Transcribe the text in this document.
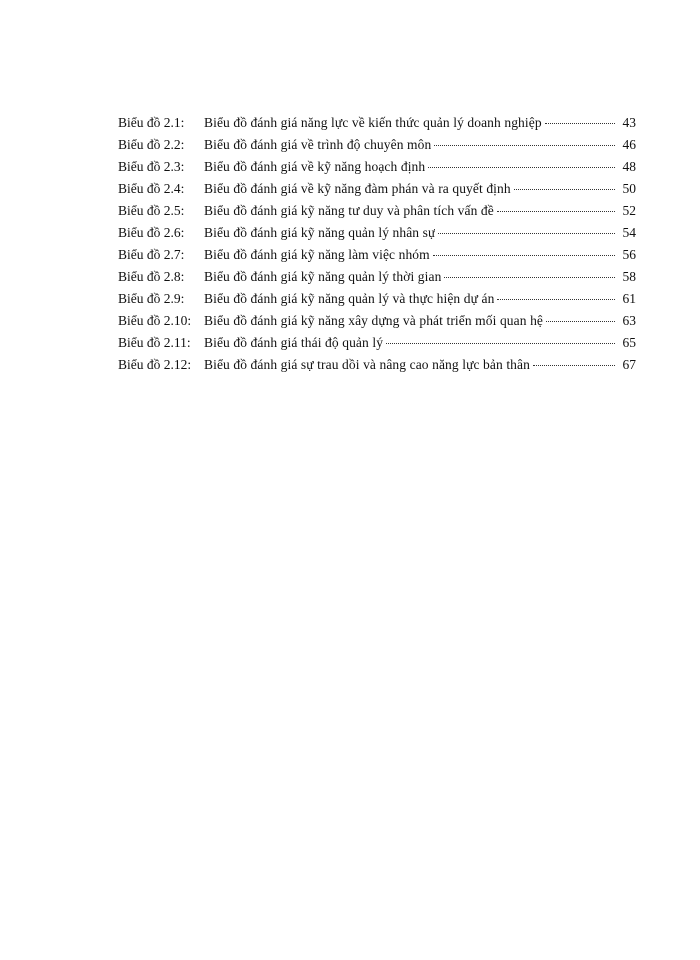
Biểu đồ 2.1:	Biểu đồ đánh giá năng lực về kiến thức quản lý doanh nghiệp	43
Biểu đồ 2.2:	Biểu đồ đánh giá về trình độ chuyên môn	46
Biểu đồ 2.3:	Biểu đồ đánh giá về kỹ năng hoạch định	48
Biểu đồ 2.4:	Biểu đồ đánh giá về kỹ năng đàm phán và ra quyết định	50
Biểu đồ 2.5:	Biểu đồ đánh giá kỹ năng tư duy và phân tích vấn đề	52
Biểu đồ 2.6:	Biểu đồ đánh giá kỹ năng quản lý nhân sự	54
Biểu đồ 2.7:	Biểu đồ đánh giá kỹ năng làm việc nhóm	56
Biểu đồ 2.8:	Biểu đồ đánh giá kỹ năng quản lý thời gian	58
Biểu đồ 2.9:	Biểu đồ đánh giá kỹ năng quản lý và thực hiện dự án	61
Biểu đồ 2.10: Biểu đồ đánh giá kỹ năng xây dựng và phát triển mối quan hệ	63
Biểu đồ 2.11: Biểu đồ đánh giá thái độ quản lý	65
Biểu đồ 2.12: Biểu đồ đánh giá sự trau dồi và nâng cao năng lực bản thân	67
